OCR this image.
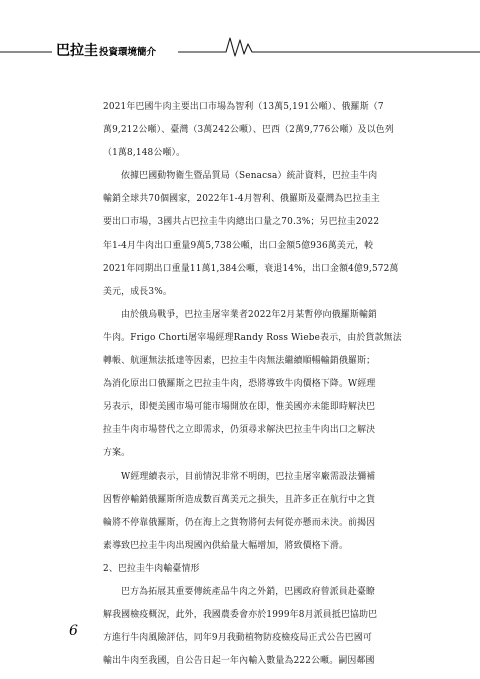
巴拉圭投資環境簡介

2021年巴國牛肉主要出口市場為智利（13萬5,191公噸）、俄羅斯（7
萬9,212公噸）、臺灣（3萬242公噸）、巴西（2萬9,776公噸）及以色列
（1萬8,148公噸）。

依據巴國動物衛生暨品質局（Senacsa）統計資料，巴拉圭牛肉
輸銷全球共70個國家，2022年1-4月智利、俄羅斯及臺灣為巴拉圭主
要出口市場，3國共占巴拉圭牛肉總出口量之70.3%；另巴拉圭2022
年1-4月牛肉出口重量9萬5,738公噸，出口金額5億936萬美元，較
2021年同期出口重量11萬1,384公噸，衰退14%，出口金額4億9,572萬
美元，成長3%。

由於俄烏戰爭，巴拉圭屠宰業者2022年2月某暫停向俄羅斯輸銷
牛肉。Frigo Chorti屠宰場經理Randy Ross Wiebe表示，由於貨款無法
轉帳、航運無法抵達等因素，巴拉圭牛肉無法繼續順暢輸銷俄羅斯；
為消化原出口俄羅斯之巴拉圭牛肉，恐將導致牛肉價格下降。W經理
另表示，即便美國市場可能市場開放在即，惟美國亦未能即時解決巴
拉圭牛肉市場替代之立即需求，仍須尋求解決巴拉圭牛肉出口之解決
方案。

W經理續表示，目前情況非常不明朗，巴拉圭屠宰廠需設法彌補
因暫停輸銷俄羅斯所造成數百萬美元之損失，且許多正在航行中之貨
輪將不停靠俄羅斯，仍在海上之貨物將何去何從亦懸而未決。前揭因
素導致巴拉圭牛肉出現國內供給量大幅增加，將致價格下滑。

2、巴拉圭牛肉輸臺情形

巴方為拓展其重要傳統產品牛肉之外銷，巴國政府曾派員赴臺瞭
解我國檢疫概況，此外，我國農委會亦於1999年8月派員抵巴協助巴
方進行牛肉風險評估，同年9月我動植物防疫檢疫局正式公告巴國可
輸出牛肉至我國，自公告日起一年內輸入數量為222公噸。嗣因鄰國

6
